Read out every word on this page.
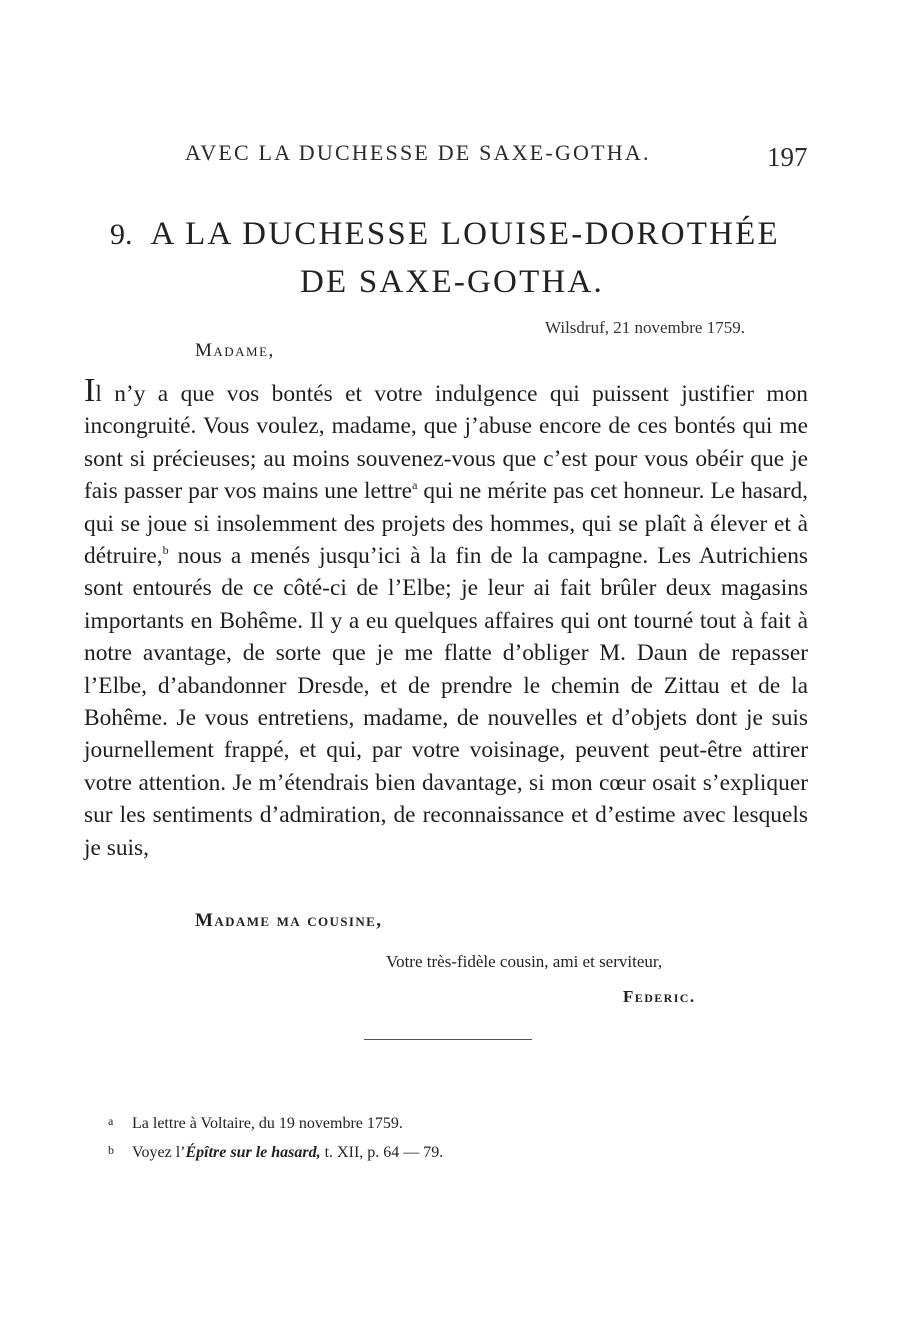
AVEC LA DUCHESSE DE SAXE-GOTHA.	197
9. A LA DUCHESSE LOUISE-DOROTHÉE
DE SAXE-GOTHA.
Wilsdruf, 21 novembre 1759.
Madame,
Il n’y a que vos bontés et votre indulgence qui puissent justifier mon incongruité. Vous voulez, madame, que j’abuse encore de ces bontés qui me sont si précieuses; au moins souvenez-vous que c’est pour vous obéir que je fais passer par vos mains une lettre$^a$ qui ne mérite pas cet honneur. Le hasard, qui se joue si insolemment des projets des hommes, qui se plaît à élever et à détruire,$^b$ nous a menés jusqu’ici à la fin de la campagne. Les Autrichiens sont entourés de ce côté-ci de l’Elbe; je leur ai fait brûler deux magasins importants en Bohême. Il y a eu quelques affaires qui ont tourné tout à fait à notre avantage, de sorte que je me flatte d’obliger M. Daun de repasser l’Elbe, d’abandonner Dresde, et de prendre le chemin de Zittau et de la Bohême. Je vous entretiens, madame, de nouvelles et d’objets dont je suis journellement frappé, et qui, par votre voisinage, peuvent peut-être attirer votre attention. Je m’étendrais bien davantage, si mon cœur osait s’expliquer sur les sentiments d’admiration, de reconnaissance et d’estime avec lesquels je suis,
Madame ma cousine,
Votre très-fidèle cousin, ami et serviteur,
Federic.
a La lettre à Voltaire, du 19 novembre 1759.
b Voyez l’Épître sur le hasard, t. XII, p. 64 — 79.
